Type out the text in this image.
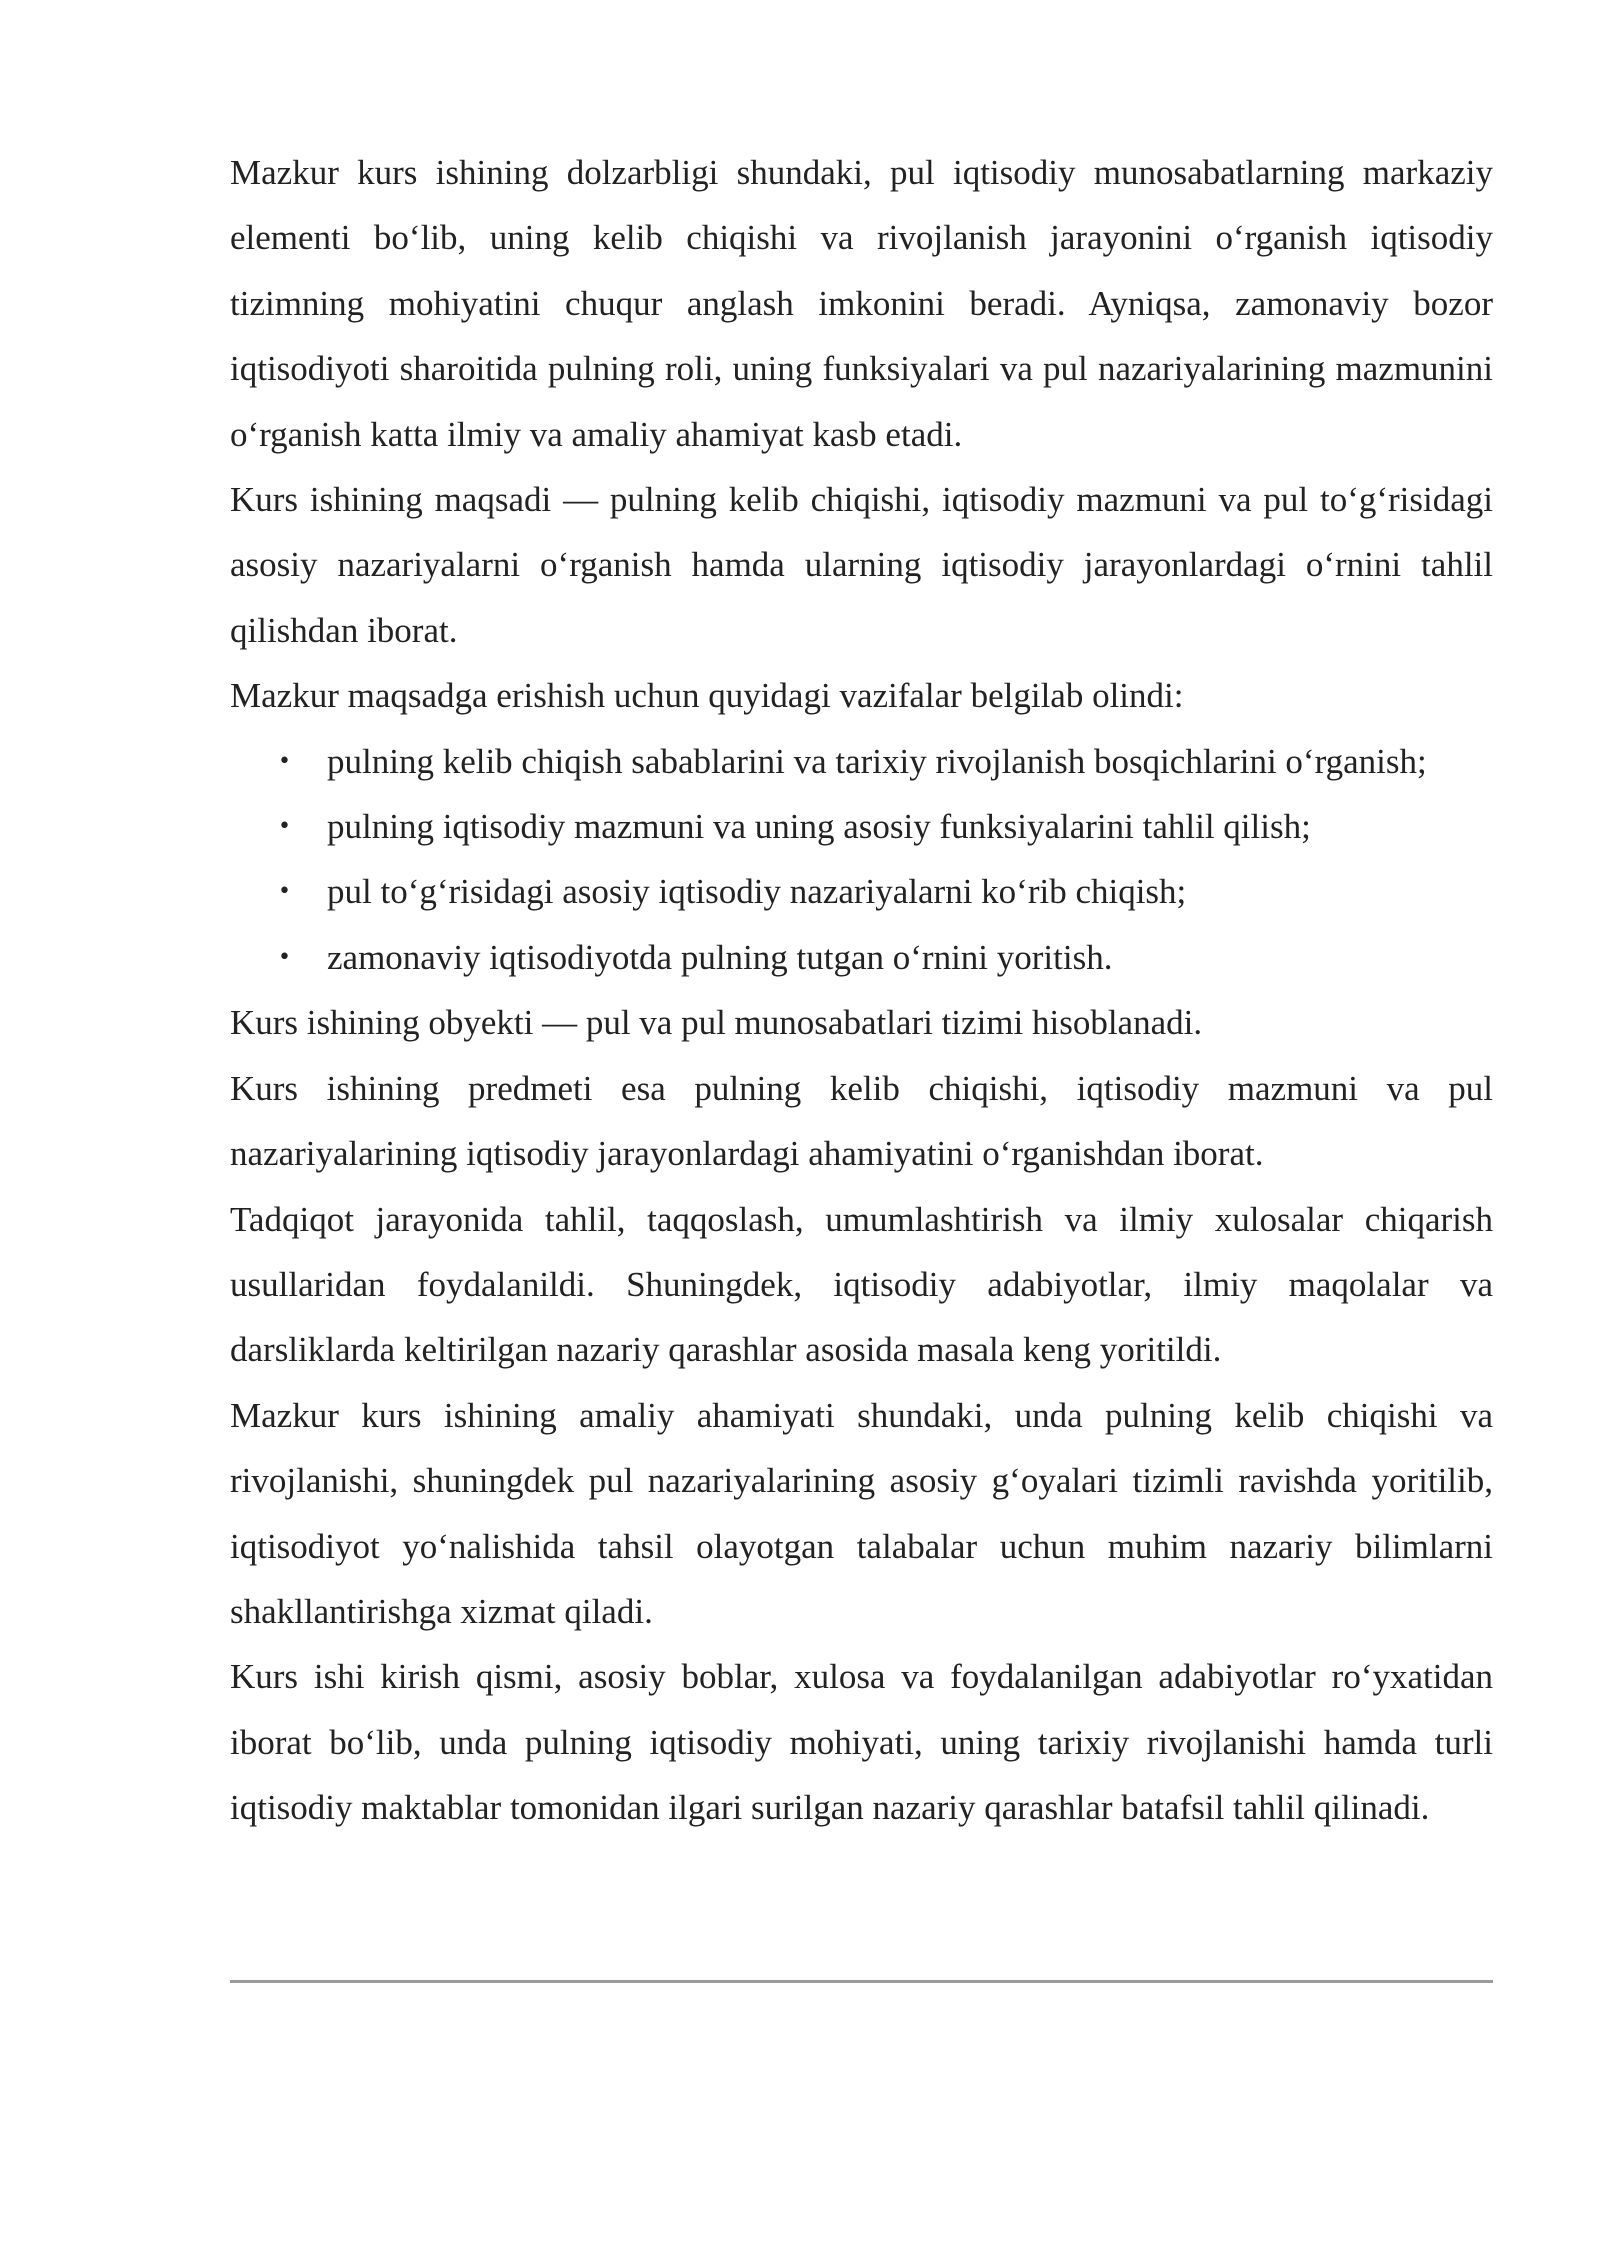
Mazkur kurs ishining dolzarbligi shundaki, pul iqtisodiy munosabatlarning markaziy elementi bo‘lib, uning kelib chiqishi va rivojlanish jarayonini o‘rganish iqtisodiy tizimning mohiyatini chuqur anglash imkonini beradi. Ayniqsa, zamonaviy bozor iqtisodiyoti sharoitida pulning roli, uning funksiyalari va pul nazariyalarining mazmunini o‘rganish katta ilmiy va amaliy ahamiyat kasb etadi.

Kurs ishining maqsadi — pulning kelib chiqishi, iqtisodiy mazmuni va pul to‘g‘risidagi asosiy nazariyalarni o‘rganish hamda ularning iqtisodiy jarayonlardagi o‘rnini tahlil qilishdan iborat.

Mazkur maqsadga erishish uchun quyidagi vazifalar belgilab olindi:

• pulning kelib chiqish sabablarini va tarixiy rivojlanish bosqichlarini o‘rganish;
• pulning iqtisodiy mazmuni va uning asosiy funksiyalarini tahlil qilish;
• pul to‘g‘risidagi asosiy iqtisodiy nazariyalarni ko‘rib chiqish;
• zamonaviy iqtisodiyotda pulning tutgan o‘rnini yoritish.

Kurs ishining obyekti — pul va pul munosabatlari tizimi hisoblanadi.

Kurs ishining predmeti esa pulning kelib chiqishi, iqtisodiy mazmuni va pul nazariyalarining iqtisodiy jarayonlardagi ahamiyatini o‘rganishdan iborat.

Tadqiqot jarayonida tahlil, taqqoslash, umumlashtirish va ilmiy xulosalar chiqarish usullaridan foydalanildi. Shuningdek, iqtisodiy adabiyotlar, ilmiy maqolalar va darsliklarda keltirilgan nazariy qarashlar asosida masala keng yoritildi.

Mazkur kurs ishining amaliy ahamiyati shundaki, unda pulning kelib chiqishi va rivojlanishi, shuningdek pul nazariyalarining asosiy g‘oyalari tizimli ravishda yoritilib, iqtisodiyot yo‘nalishida tahsil olayotgan talabalar uchun muhim nazariy bilimlarni shakllantirishga xizmat qiladi.

Kurs ishi kirish qismi, asosiy boblar, xulosa va foydalanilgan adabiyotlar ro‘yxatidan iborat bo‘lib, unda pulning iqtisodiy mohiyati, uning tarixiy rivojlanishi hamda turli iqtisodiy maktablar tomonidan ilgari surilgan nazariy qarashlar batafsil tahlil qilinadi.
